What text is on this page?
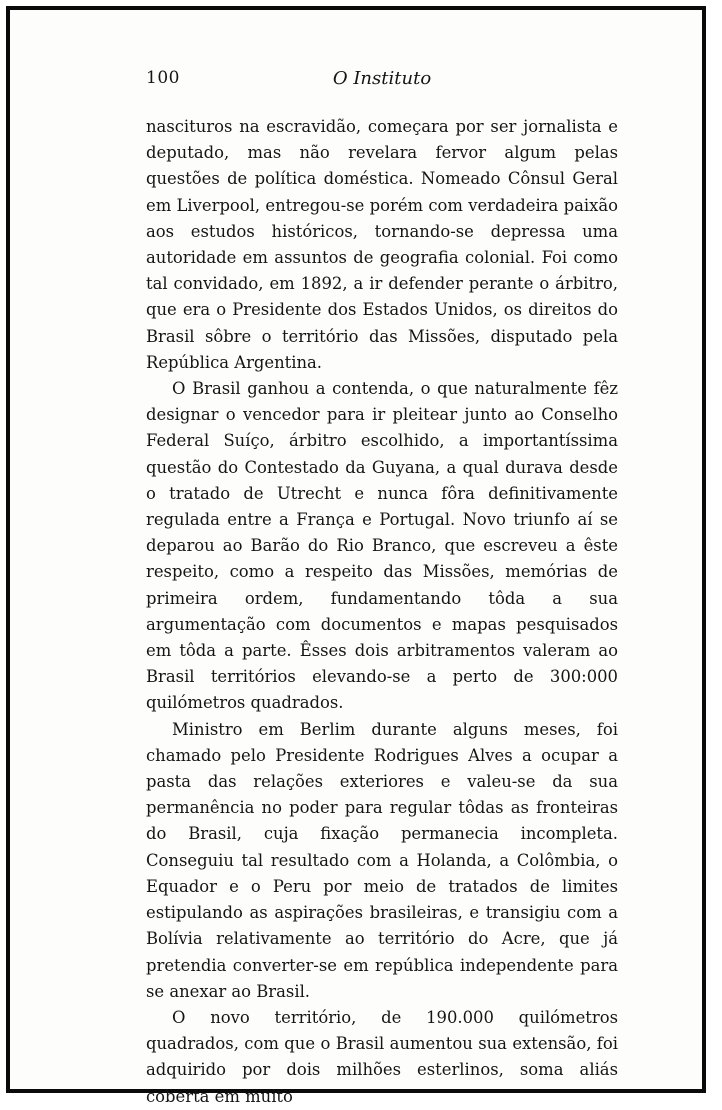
100	O Instituto

nascituros na escravidão, começara por ser jornalista e deputado, mas não revelara fervor algum pelas questões de política doméstica. Nomeado Cônsul Geral em Liverpool, entregou-se porém com verdadeira paixão aos estudos históricos, tornando-se depressa uma autoridade em assuntos de geografia colonial. Foi como tal convidado, em 1892, a ir defender perante o árbitro, que era o Presidente dos Estados Unidos, os direitos do Brasil sôbre o território das Missões, disputado pela República Argentina.

O Brasil ganhou a contenda, o que naturalmente fêz designar o vencedor para ir pleitear junto ao Conselho Federal Suíço, árbitro escolhido, a importantíssima questão do Contestado da Guyana, a qual durava desde o tratado de Utrecht e nunca fôra definitivamente regulada entre a França e Portugal. Novo triunfo aí se deparou ao Barão do Rio Branco, que escreveu a êste respeito, como a respeito das Missões, memórias de primeira ordem, fundamentando tôda a sua argumentação com documentos e mapas pesquisados em tôda a parte. Êsses dois arbitramentos valeram ao Brasil territórios elevando-se a perto de 300:000 quilómetros quadrados.

Ministro em Berlim durante alguns meses, foi chamado pelo Presidente Rodrigues Alves a ocupar a pasta das relações exteriores e valeu-se da sua permanência no poder para regular tôdas as fronteiras do Brasil, cuja fixação permanecia incompleta. Conseguiu tal resultado com a Holanda, a Colômbia, o Equador e o Peru por meio de tratados de limites estipulando as aspirações brasileiras, e transigiu com a Bolívia relativamente ao território do Acre, que já pretendia converter-se em república independente para se anexar ao Brasil.

O novo território, de 190.000 quilómetros quadrados, com que o Brasil aumentou sua extensão, foi adquirido por dois milhões esterlinos, soma aliás coberta em muito
